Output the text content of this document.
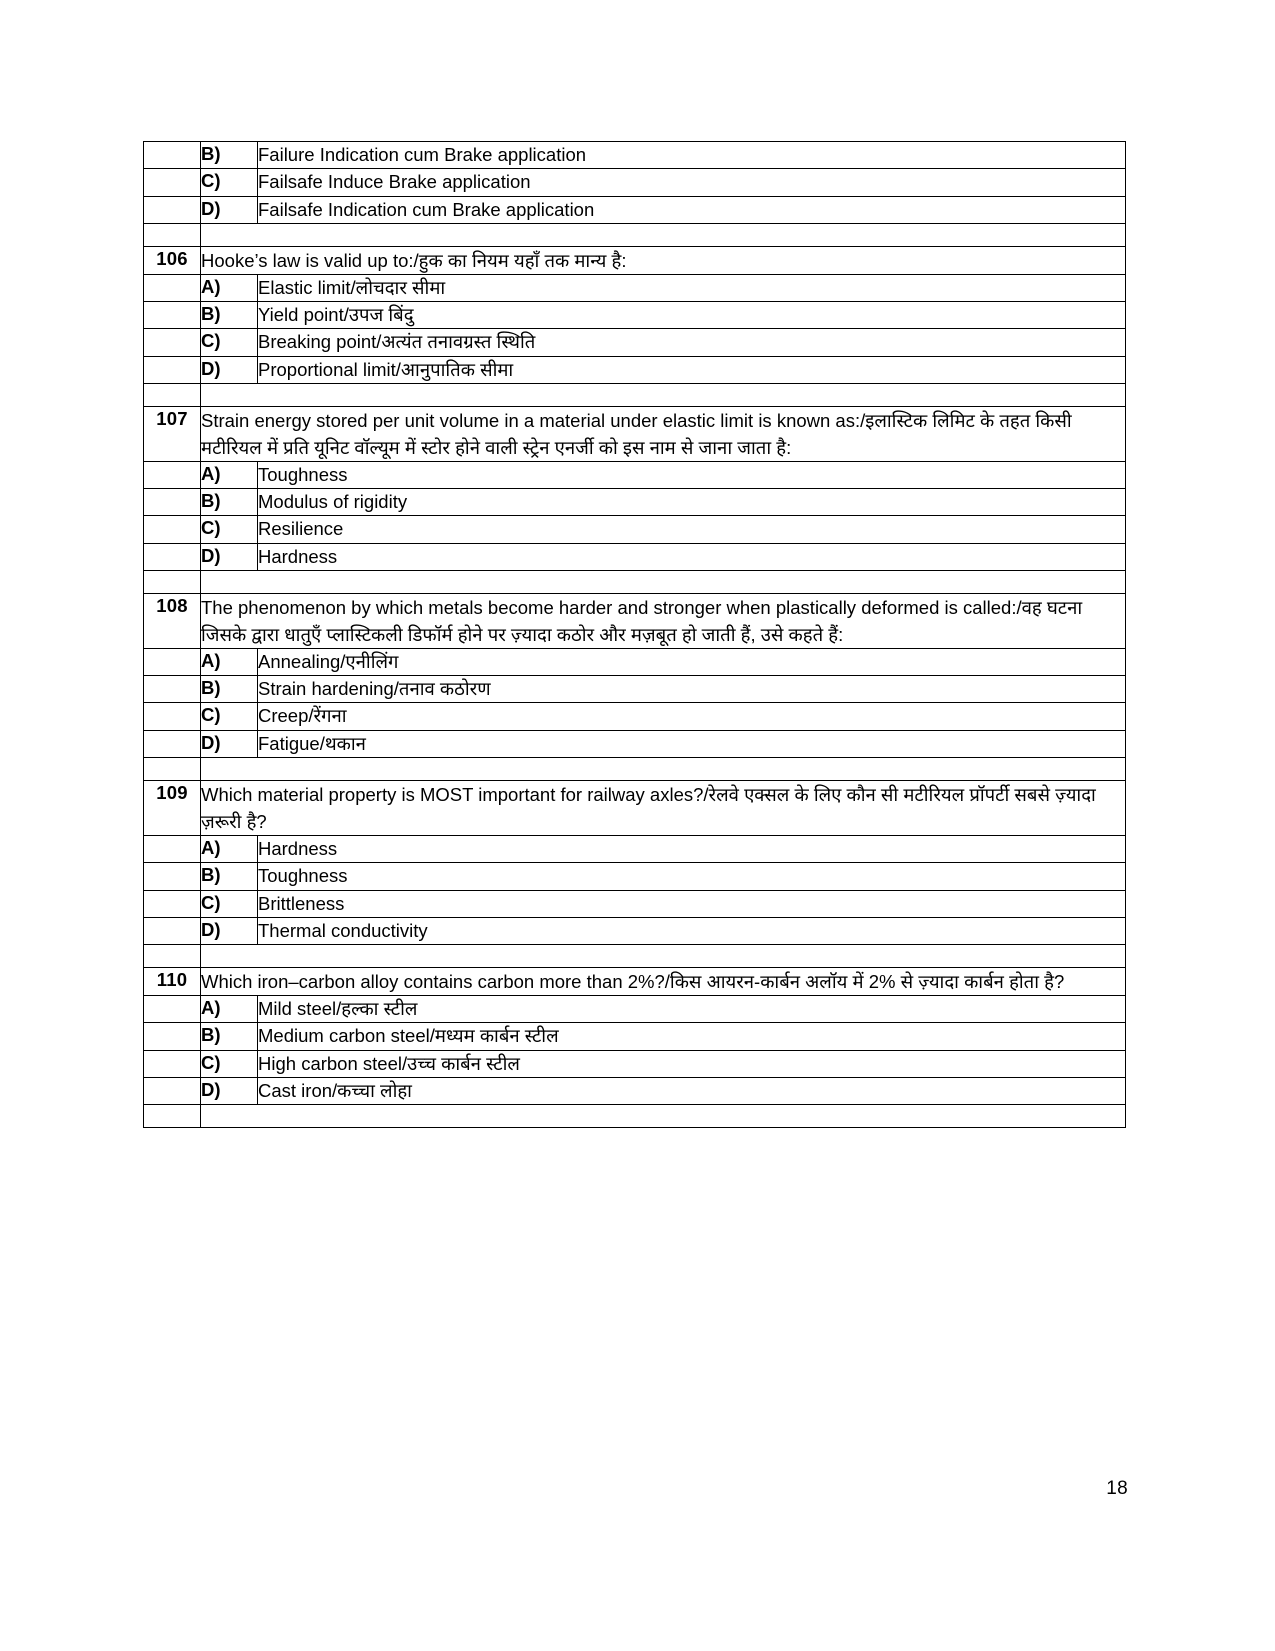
	B)	Failure Indication cum Brake application
	C)	Failsafe Induce Brake application
	D)	Failsafe Indication cum Brake application

106	Hooke’s law is valid up to:/हुक का नियम यहाँ तक मान्य है:	
	A)	Elastic limit/लोचदार सीमा
	B)	Yield point/उपज बिंदु
	C)	Breaking point/अत्यंत तनावग्रस्त स्थिति
	D)	Proportional limit/आनुपातिक सीमा

107	Strain energy stored per unit volume in a material under elastic limit is known as:/इलास्टिक लिमिट के तहत किसी मटीरियल में प्रति यूनिट वॉल्यूम में स्टोर होने वाली स्ट्रेन एनर्जी को इस नाम से जाना जाता है:	
	A)	Toughness
	B)	Modulus of rigidity
	C)	Resilience
	D)	Hardness

108	The phenomenon by which metals become harder and stronger when plastically deformed is called:/वह घटना जिसके द्वारा धातुएँ प्लास्टिकली डिफॉर्म होने पर ज़्यादा कठोर और मज़बूत हो जाती हैं, उसे कहते हैं:	
	A)	Annealing/एनीलिंग
	B)	Strain hardening/तनाव कठोरण
	C)	Creep/रेंगना
	D)	Fatigue/थकान

109	Which material property is MOST important for railway axles?/रेलवे एक्सल के लिए कौन सी मटीरियल प्रॉपर्टी सबसे ज़्यादा ज़रूरी है?	
	A)	Hardness
	B)	Toughness
	C)	Brittleness
	D)	Thermal conductivity

110	Which iron–carbon alloy contains carbon more than 2%?/किस आयरन-कार्बन अलॉय में 2% से ज़्यादा कार्बन होता है?	
	A)	Mild steel/हल्का स्टील
	B)	Medium carbon steel/मध्यम कार्बन स्टील
	C)	High carbon steel/उच्च कार्बन स्टील
	D)	Cast iron/कच्चा लोहा

18
